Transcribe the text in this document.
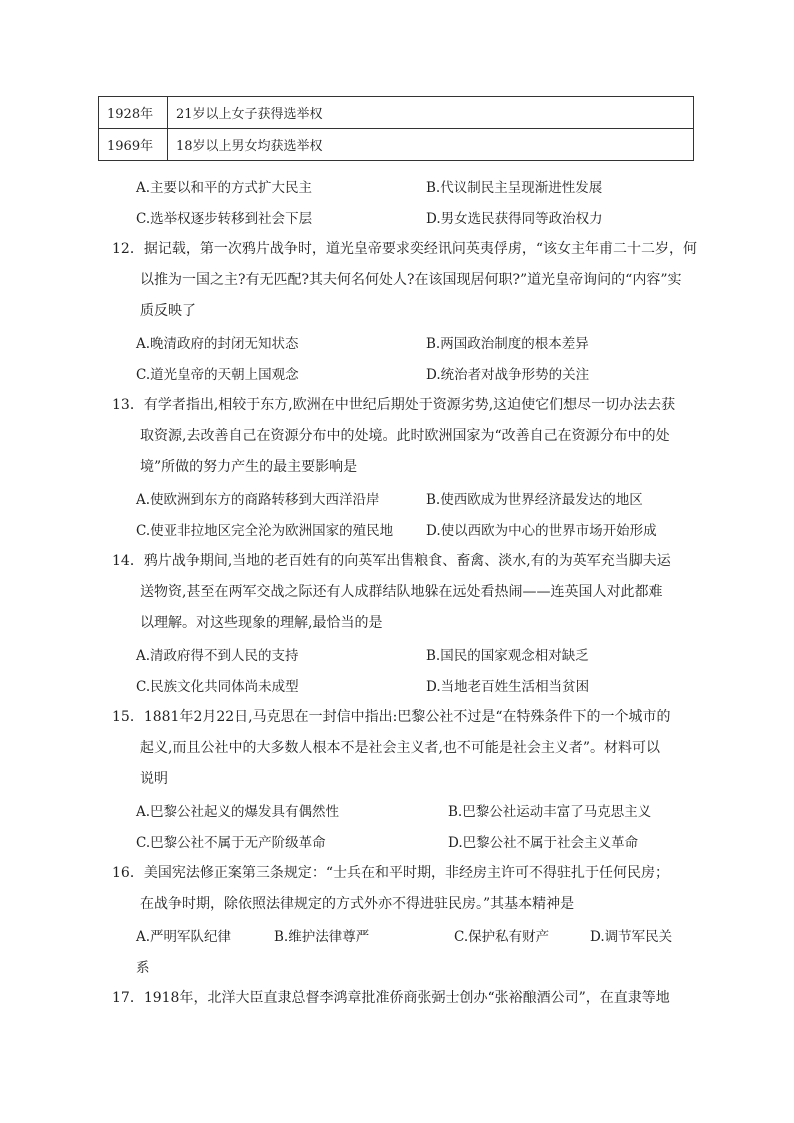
1928年	21岁以上女子获得选举权
1969年	18岁以上男女均获选举权
A.主要以和平的方式扩大民主	B.代议制民主呈现渐进性发展
C.选举权逐步转移到社会下层	D.男女选民获得同等政治权力
12．据记载，第一次鸦片战争时，道光皇帝要求奕经讯问英夷俘虏，“该女主年甫二十二岁，何
以推为一国之主?有无匹配?其夫何名何处人?在该国现居何职?”道光皇帝询问的“内容”实
质反映了
A.晚清政府的封闭无知状态	B.两国政治制度的根本差异
C.道光皇帝的天朝上国观念	D.统治者对战争形势的关注
13．有学者指出,相较于东方,欧洲在中世纪后期处于资源劣势,这迫使它们想尽一切办法去获
取资源,去改善自己在资源分布中的处境。此时欧洲国家为“改善自己在资源分布中的处
境”所做的努力产生的最主要影响是
A.使欧洲到东方的商路转移到大西洋沿岸	B.使西欧成为世界经济最发达的地区
C.使亚非拉地区完全沦为欧洲国家的殖民地 D.使以西欧为中心的世界市场开始形成
14．鸦片战争期间,当地的老百姓有的向英军出售粮食、畜禽、淡水,有的为英军充当脚夫运
送物资,甚至在两军交战之际还有人成群结队地躲在远处看热闹——连英国人对此都难
以理解。对这些现象的理解,最恰当的是
A.清政府得不到人民的支持	B.国民的国家观念相对缺乏
C.民族文化共同体尚未成型	D.当地老百姓生活相当贫困
15．1881年2月22日,马克思在一封信中指出:巴黎公社不过是“在特殊条件下的一个城市的
起义,而且公社中的大多数人根本不是社会主义者,也不可能是社会主义者”。材料可以
说明
A.巴黎公社起义的爆发具有偶然性	B.巴黎公社运动丰富了马克思主义
C.巴黎公社不属于无产阶级革命	D.巴黎公社不属于社会主义革命
16．美国宪法修正案第三条规定：“士兵在和平时期，非经房主许可不得驻扎于任何民房；
在战争时期，除依照法律规定的方式外亦不得进驻民房。”其基本精神是
A.严明军队纪律	B.维护法律尊严	C.保护私有财产	D.调节军民关
系
17．1918年，北洋大臣直隶总督李鸿章批准侨商张弼士创办“张裕酿酒公司”，在直隶等地
